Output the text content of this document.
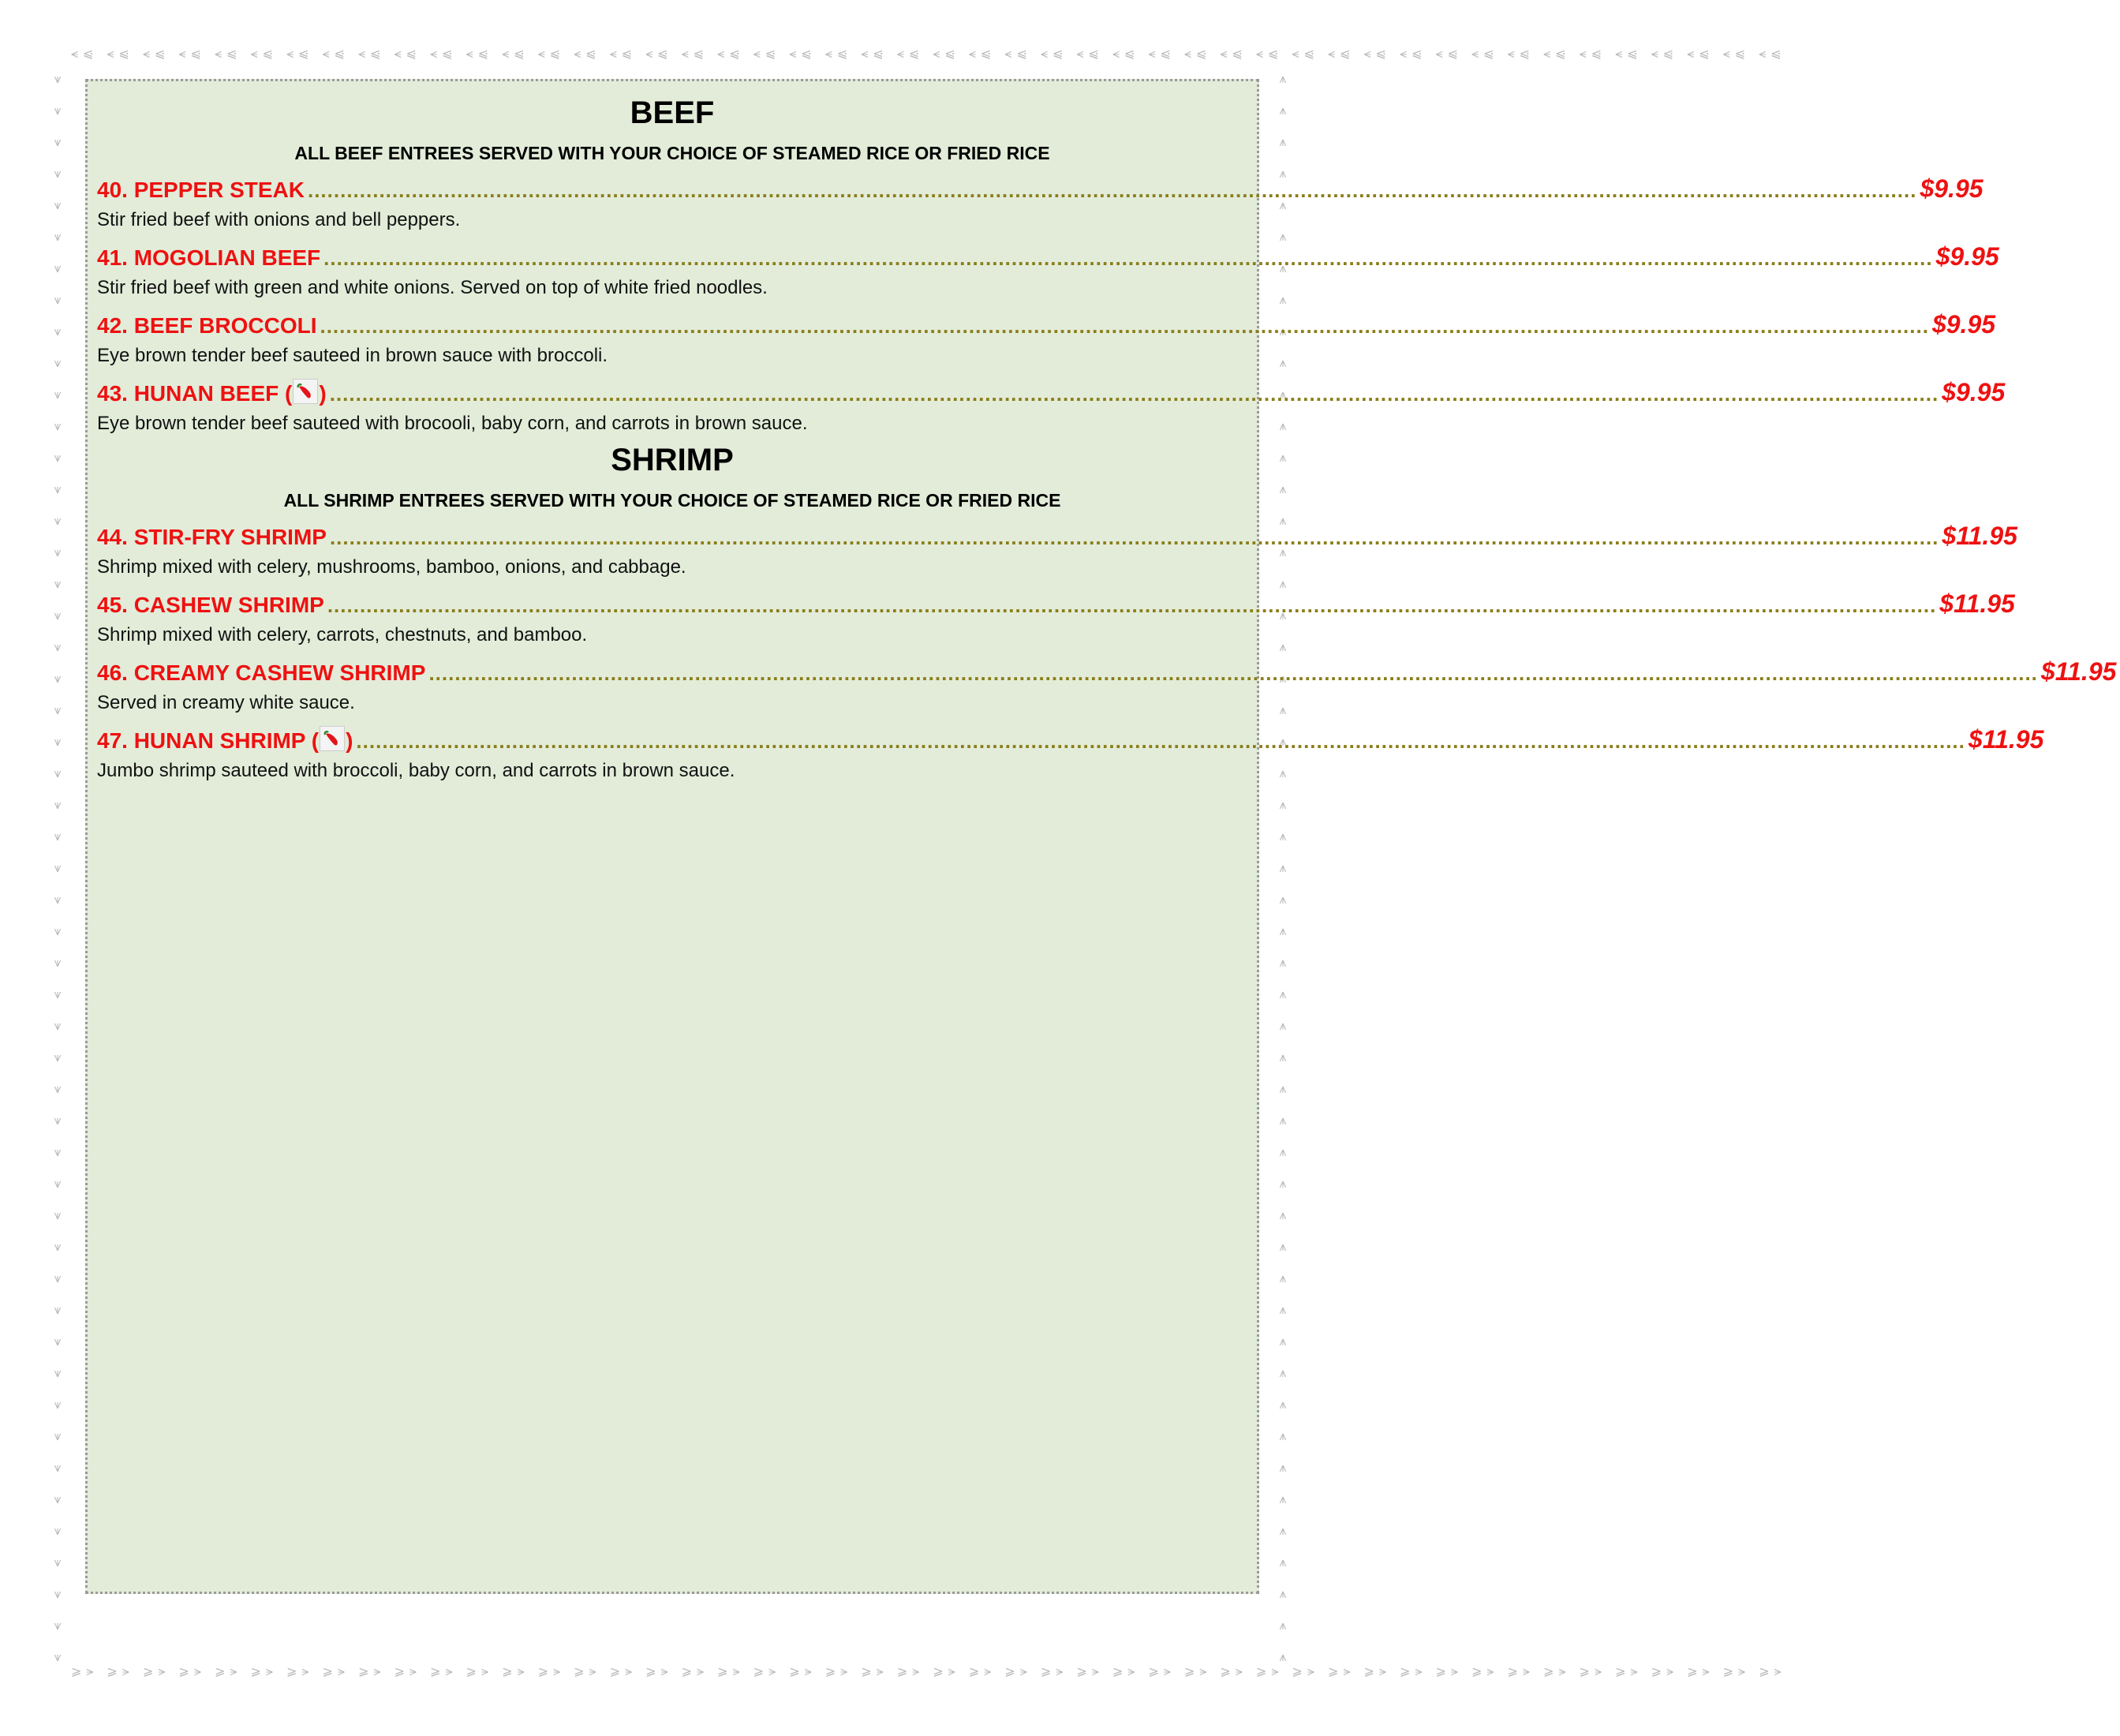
⪪⩿ ⪪⩿ ⪪⩿ ⪪⩿ ⪪⩿ ⪪⩿ ⪪⩿ ⪪⩿ ⪪⩿ ⪪⩿ ⪪⩿ ⪪⩿ ⪪⩿ ⪪⩿ ⪪⩿ ⪪⩿ ⪪⩿ ⪪⩿ ⪪⩿ ⪪⩿ ⪪⩿ ⪪⩿ ⪪⩿ ⪪⩿ ⪪⩿ ⪪⩿ ⪪⩿ ⪪⩿ ⪪⩿ ⪪⩿ ⪪⩿ ⪪⩿ ⪪⩿ ⪪⩿ ⪪⩿ ⪪⩿ ⪪⩿ ⪪⩿ ⪪⩿ ⪪⩿ ⪪⩿ ⪪⩿ ⪪⩿ ⪪⩿ ⪪⩿ ⪪⩿ ⪪⩿ ⪪⩿
⩾⪫ ⩾⪫ ⩾⪫ ⩾⪫ ⩾⪫ ⩾⪫ ⩾⪫ ⩾⪫ ⩾⪫ ⩾⪫ ⩾⪫ ⩾⪫ ⩾⪫ ⩾⪫ ⩾⪫ ⩾⪫ ⩾⪫ ⩾⪫ ⩾⪫ ⩾⪫ ⩾⪫ ⩾⪫ ⩾⪫ ⩾⪫ ⩾⪫ ⩾⪫ ⩾⪫ ⩾⪫ ⩾⪫ ⩾⪫ ⩾⪫ ⩾⪫ ⩾⪫ ⩾⪫ ⩾⪫ ⩾⪫ ⩾⪫ ⩾⪫ ⩾⪫ ⩾⪫ ⩾⪫ ⩾⪫ ⩾⪫ ⩾⪫ ⩾⪫ ⩾⪫ ⩾⪫ ⩾⪫
⩛ ⩛ ⩛ ⩛ ⩛ ⩛ ⩛ ⩛ ⩛ ⩛ ⩛ ⩛ ⩛ ⩛ ⩛ ⩛ ⩛ ⩛ ⩛ ⩛ ⩛ ⩛ ⩛ ⩛ ⩛ ⩛ ⩛ ⩛ ⩛ ⩛ ⩛ ⩛ ⩛ ⩛ ⩛ ⩛ ⩛ ⩛ ⩛ ⩛ ⩛ ⩛ ⩛ ⩛ ⩛ ⩛ ⩛ ⩛ ⩛ ⩛ ⩛
⩚ ⩚ ⩚ ⩚ ⩚ ⩚ ⩚ ⩚ ⩚ ⩚ ⩚ ⩚ ⩚ ⩚ ⩚ ⩚ ⩚ ⩚ ⩚ ⩚ ⩚ ⩚ ⩚ ⩚ ⩚ ⩚ ⩚ ⩚ ⩚ ⩚ ⩚ ⩚ ⩚ ⩚ ⩚ ⩚ ⩚ ⩚ ⩚ ⩚ ⩚ ⩚ ⩚ ⩚ ⩚ ⩚ ⩚ ⩚ ⩚ ⩚ ⩚
BEEF
ALL BEEF ENTREES SERVED WITH YOUR CHOICE OF STEAMED RICE OR FRIED RICE
40. PEPPER STEAK .....	$9.95
Stir fried beef with onions and bell peppers.
41. MOGOLIAN BEEF .....	$9.95
Stir fried beef with green and white onions. Served on top of white fried noodles.
42. BEEF BROCCOLI .....	$9.95
Eye brown tender beef sauteed in brown sauce with broccoli.
43. HUNAN BEEF ( ) .....	$9.95
Eye brown tender beef sauteed with brocooli, baby corn, and carrots in brown sauce.
SHRIMP
ALL SHRIMP ENTREES SERVED WITH YOUR CHOICE OF STEAMED RICE OR FRIED RICE
44. STIR-FRY SHRIMP .....	$11.95
Shrimp mixed with celery, mushrooms, bamboo, onions, and cabbage.
45. CASHEW SHRIMP .....	$11.95
Shrimp mixed with celery, carrots, chestnuts, and bamboo.
46. CREAMY CASHEW SHRIMP .....	$11.95
Served in creamy white sauce.
47. HUNAN SHRIMP ( ) .....	$11.95
Jumbo shrimp sauteed with broccoli, baby corn, and carrots in brown sauce.
